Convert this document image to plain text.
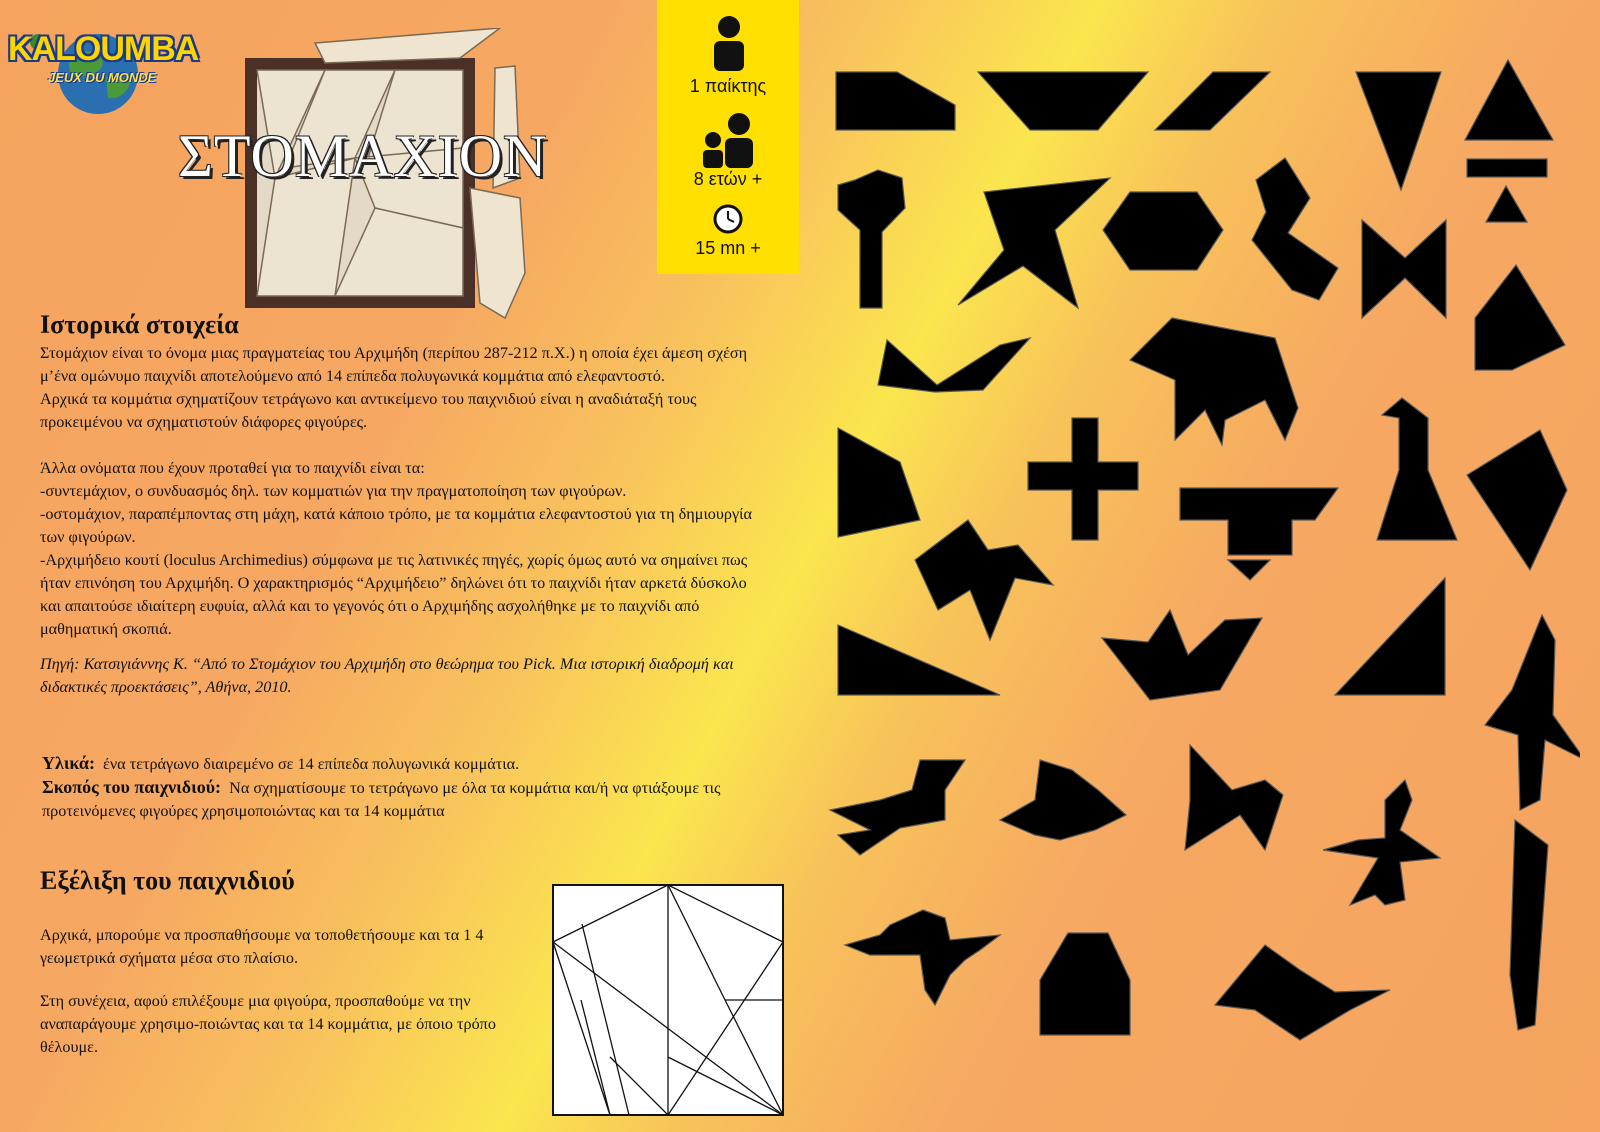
KALOUMBA
JEUX DU MONDE
ΣΤΟΜΑΧΙΟΝ
1 παίκτης
8 ετών +
15 mn +
Ιστορικά στοιχεία
Στομάχιον είναι το όνομα μιας πραγματείας του Αρχιμήδη (περίπου 287-212 π.Χ.) η οποία έχει άμεση σχέση μ’ένα ομώνυμο παιχνίδι αποτελούμενο από 14 επίπεδα πολυγωνικά κομμάτια από ελεφαντοστό.
Αρχικά τα κομμάτια σχηματίζουν τετράγωνο και αντικείμενο του παιχνιδιού είναι η αναδιάταξή τους προκειμένου να σχηματιστούν διάφορες φιγούρες.
Άλλα ονόματα που έχουν προταθεί για το παιχνίδι είναι τα:
-συντεμάχιον, ο συνδυασμός δηλ. των κομματιών για την πραγματοποίηση των φιγούρων.
-οστομάχιον, παραπέμποντας στη μάχη, κατά κάποιο τρόπο, με τα κομμάτια ελεφαντοστού για τη δημιουργία των φιγούρων.
-Αρχιμήδειο κουτί (loculus Archimedius) σύμφωνα με τις λατινικές πηγές, χωρίς όμως αυτό να σημαίνει πως ήταν επινόηση του Αρχιμήδη. Ο χαρακτηρισμός “Αρχιμήδειο” δηλώνει ότι το παιχνίδι ήταν αρκετά δύσκολο και απαιτούσε ιδιαίτερη ευφυία, αλλά και το γεγονός ότι ο Αρχιμήδης ασχολήθηκε με το παιχνίδι από μαθηματική σκοπιά.
Πηγή: Κατσιγιάννης Κ. “Από το Στομάχιον του Αρχιμήδη στο θεώρημα του Pick. Μια ιστορική διαδρομή και διδακτικές προεκτάσεις”, Αθήνα, 2010.
Υλικά: ένα τετράγωνο διαιρεμένο σε 14 επίπεδα πολυγωνικά κομμάτια.
Σκοπός του παιχνιδιού: Να σχηματίσουμε το τετράγωνο με όλα τα κομμάτια και/ή να φτιάξουμε τις προτεινόμενες φιγούρες χρησιμοποιώντας και τα 14 κομμάτια
Εξέλιξη του παιχνιδιού
Αρχικά, μπορούμε να προσπαθήσουμε να τοποθετήσουμε και τα 1 4 γεωμετρικά σχήματα μέσα στο πλαίσιο.
Στη συνέχεια, αφού επιλέξουμε μια φιγούρα, προσπαθούμε να την αναπαράγουμε χρησιμο-ποιώντας και τα 14 κομμάτια, με όποιο τρόπο θέλουμε.
